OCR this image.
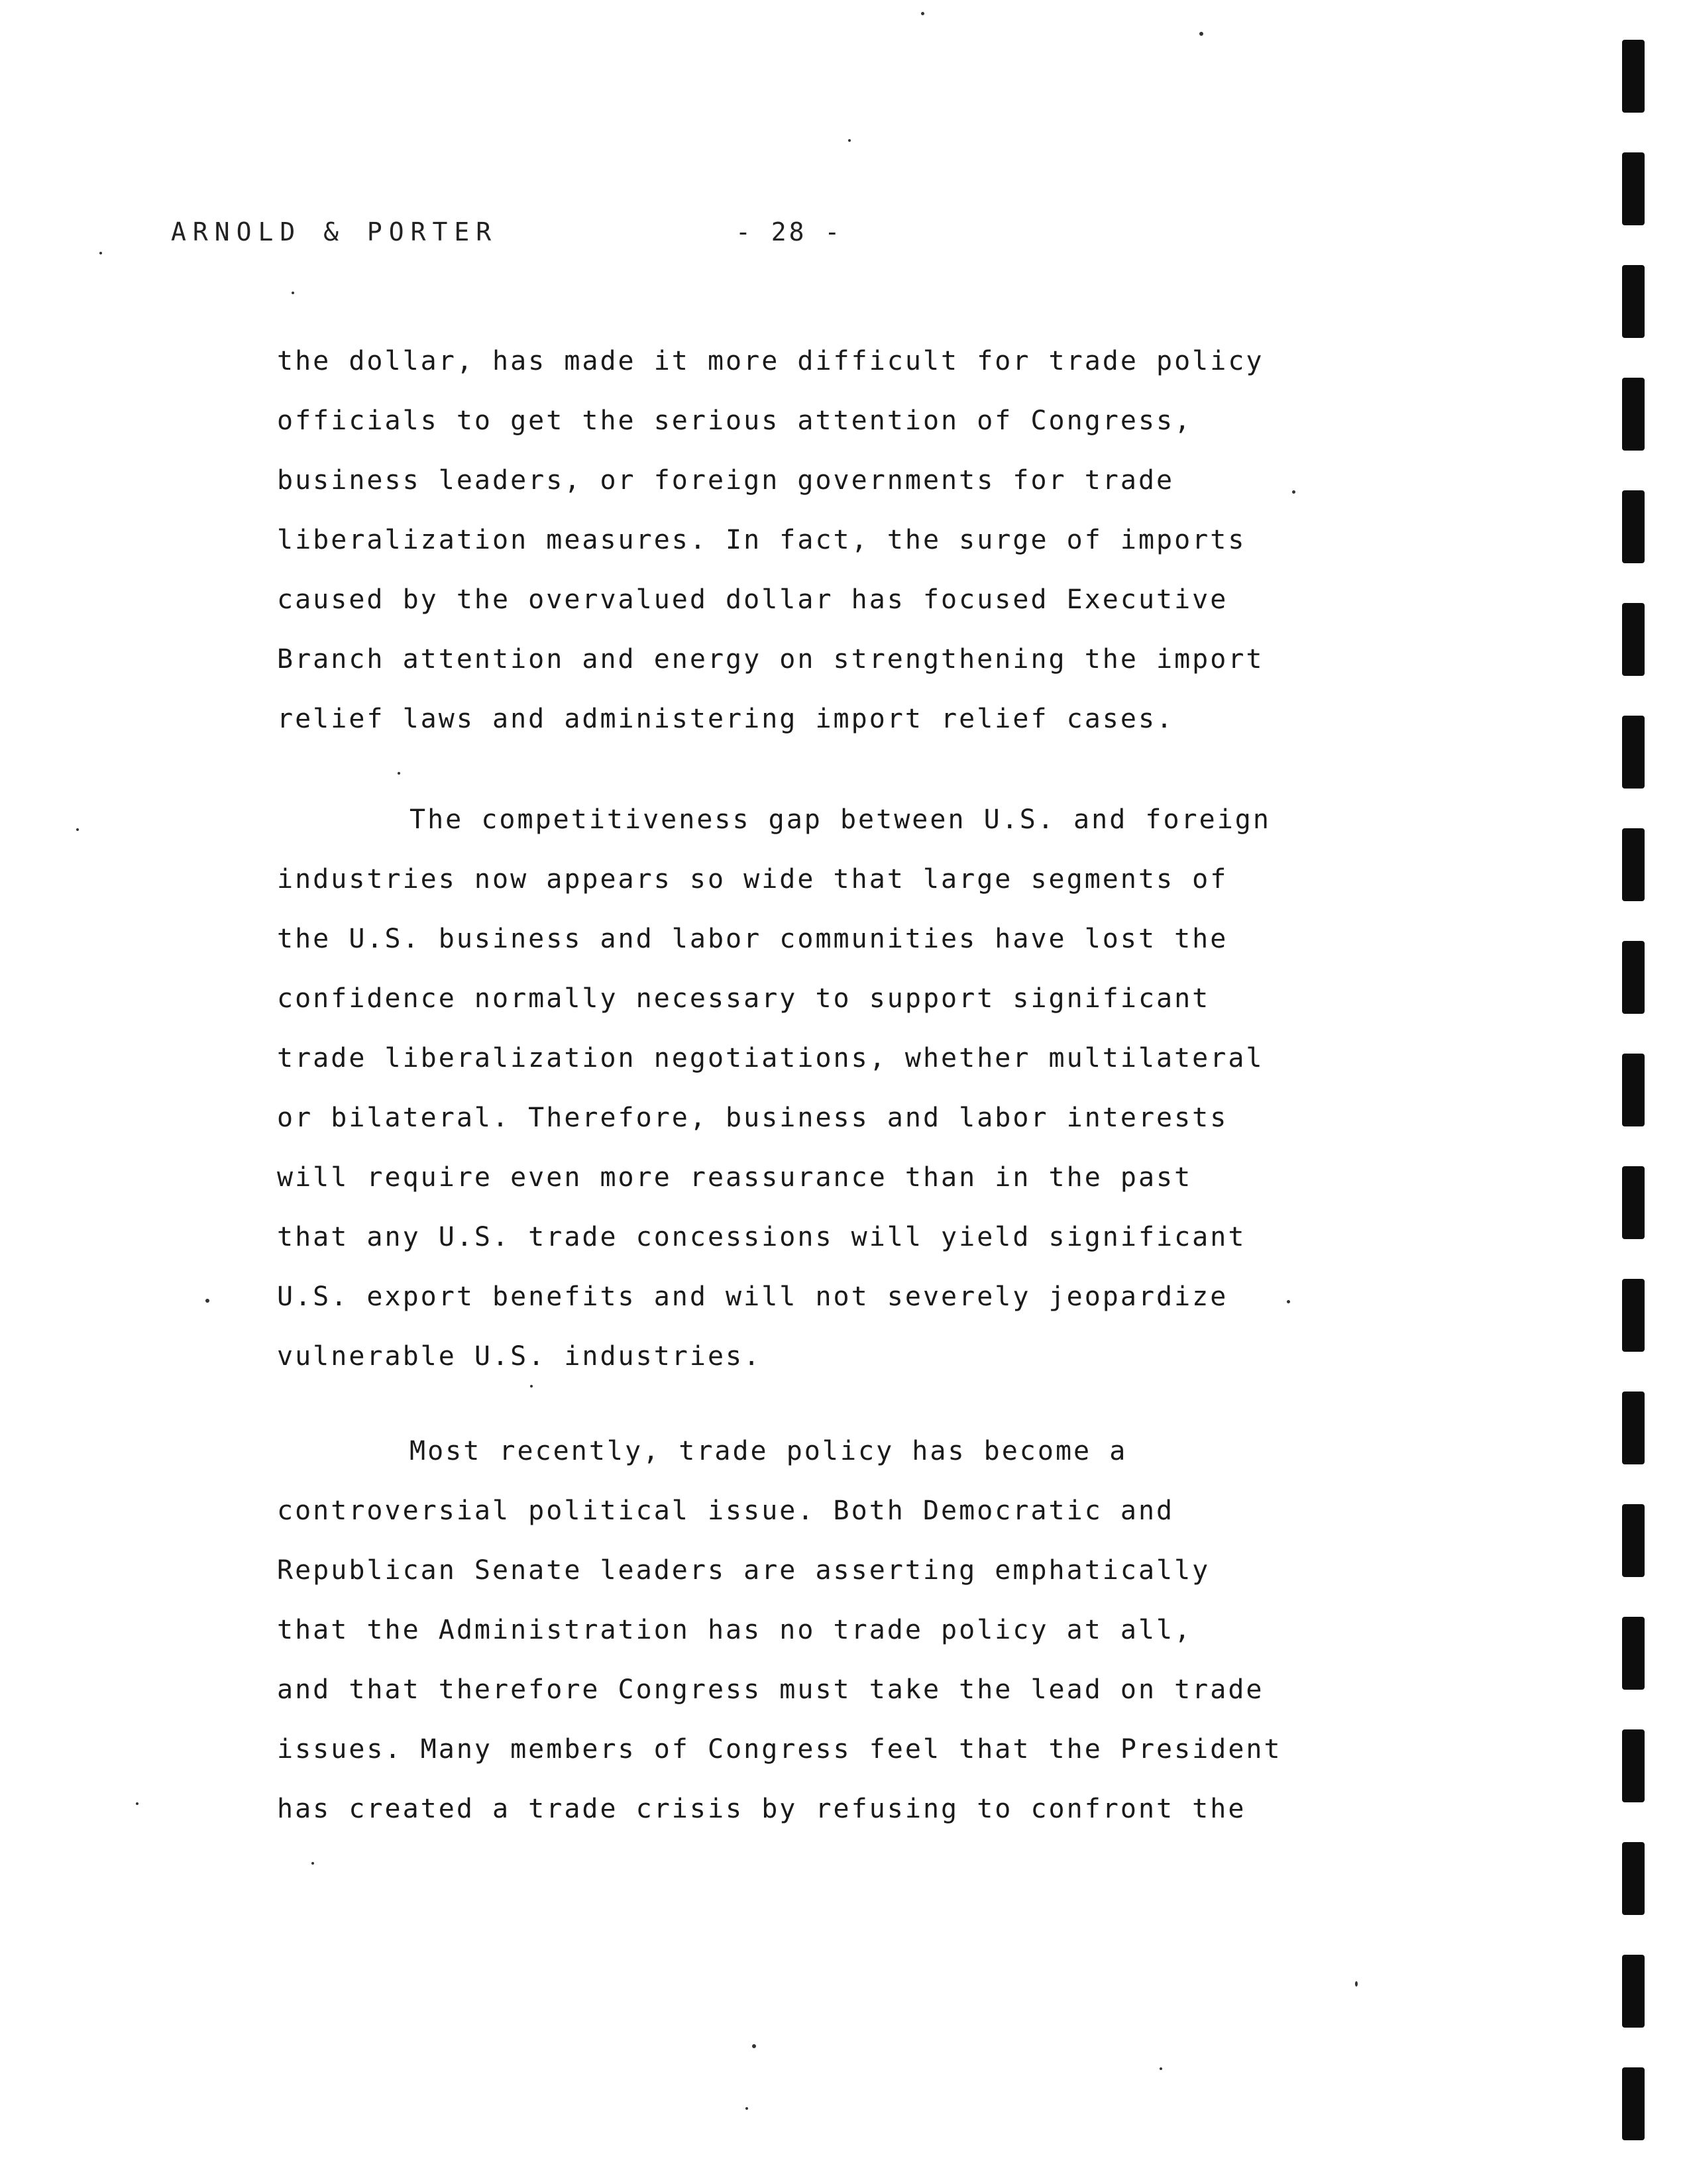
ARNOLD & PORTER	- 28 -
the dollar, has made it more difficult for trade policy
officials to get the serious attention of Congress,
business leaders, or foreign governments for trade
liberalization measures. In fact, the surge of imports
caused by the overvalued dollar has focused Executive
Branch attention and energy on strengthening the import
relief laws and administering import relief cases.
The competitiveness gap between U.S. and foreign
industries now appears so wide that large segments of
the U.S. business and labor communities have lost the
confidence normally necessary to support significant
trade liberalization negotiations, whether multilateral
or bilateral. Therefore, business and labor interests
will require even more reassurance than in the past
that any U.S. trade concessions will yield significant
U.S. export benefits and will not severely jeopardize
vulnerable U.S. industries.
Most recently, trade policy has become a
controversial political issue. Both Democratic and
Republican Senate leaders are asserting emphatically
that the Administration has no trade policy at all,
and that therefore Congress must take the lead on trade
issues. Many members of Congress feel that the President
has created a trade crisis by refusing to confront the
